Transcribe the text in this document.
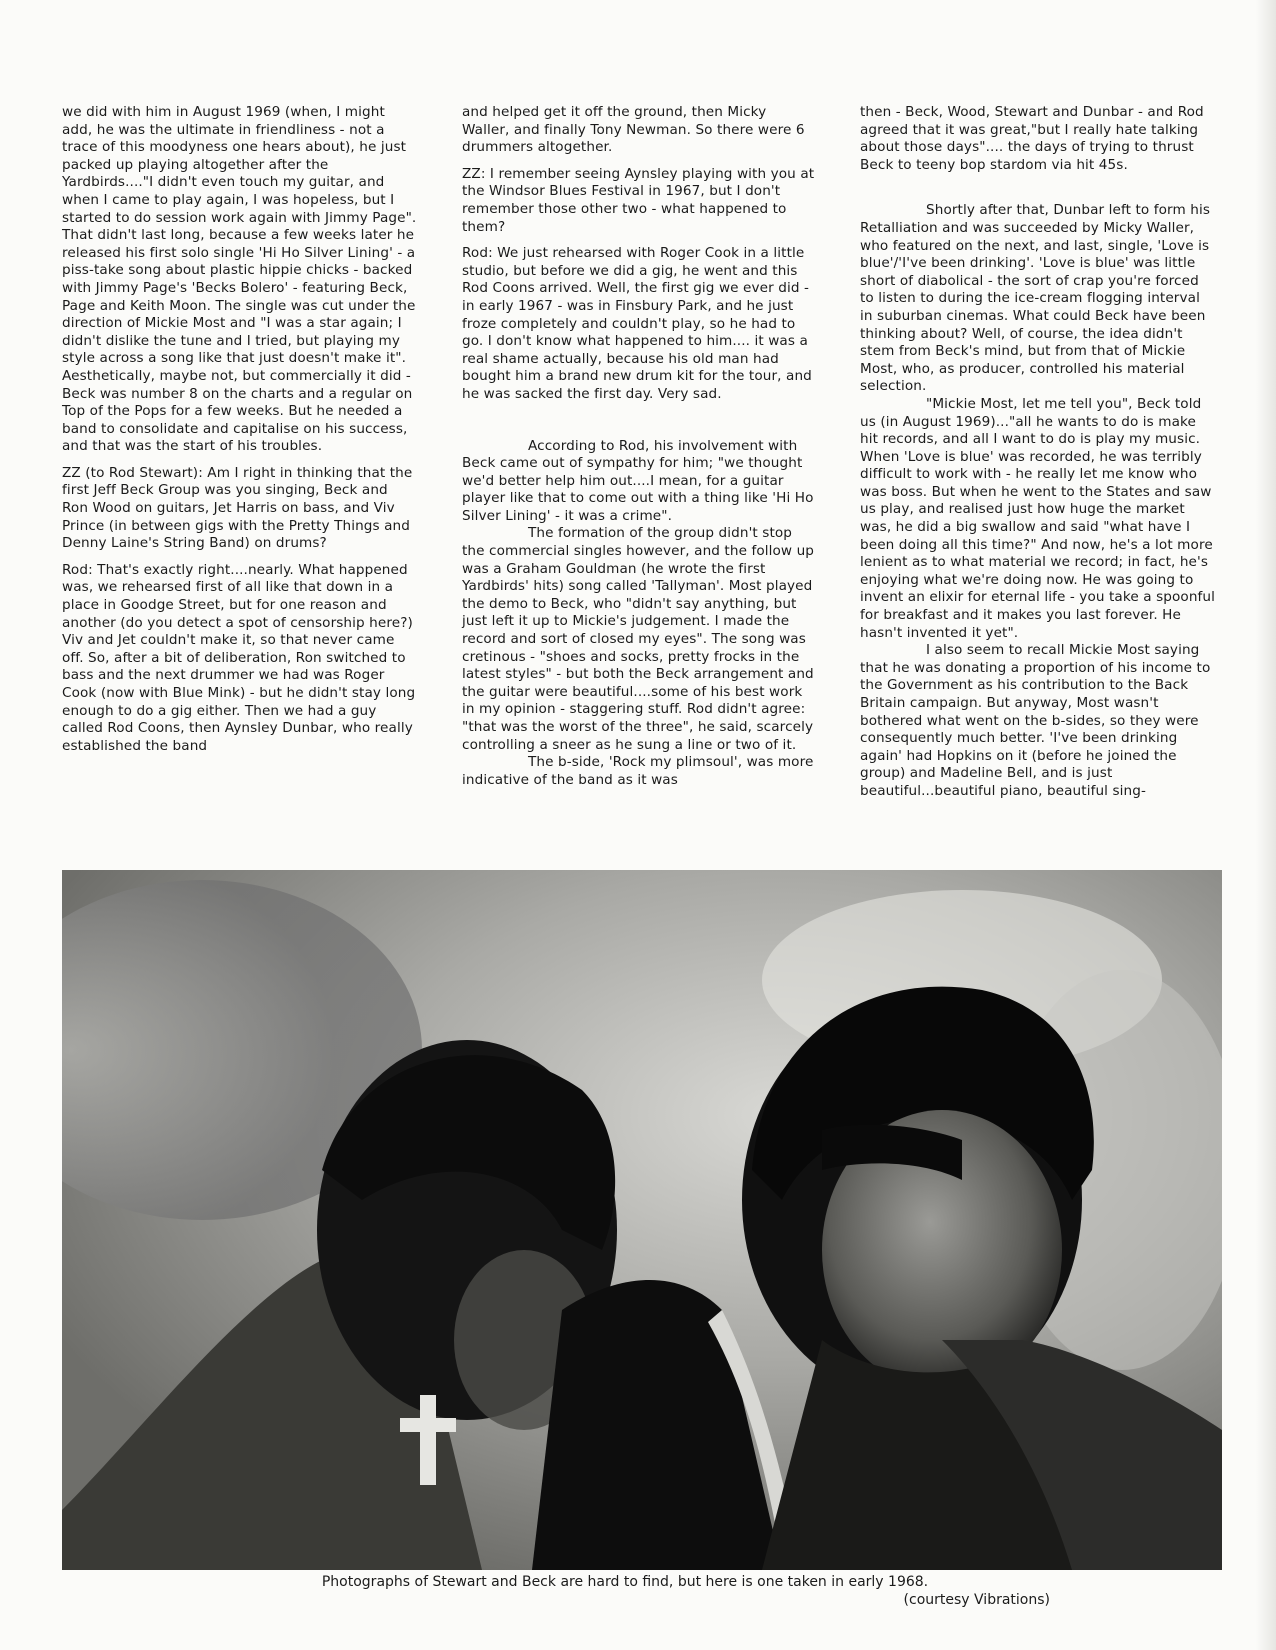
we did with him in August 1969 (when, I might add, he was the ultimate in friendliness - not a trace of this moodyness one hears about), he just packed up playing altogether after the Yardbirds...."I didn't even touch my guitar, and when I came to play again, I was hopeless, but I started to do session work again with Jimmy Page". That didn't last long, because a few weeks later he released his first solo single 'Hi Ho Silver Lining' - a piss-take song about plastic hippie chicks - backed with Jimmy Page's 'Becks Bolero' - featuring Beck, Page and Keith Moon. The single was cut under the direction of Mickie Most and "I was a star again; I didn't dislike the tune and I tried, but playing my style across a song like that just doesn't make it". Aesthetically, maybe not, but commercially it did - Beck was number 8 on the charts and a regular on Top of the Pops for a few weeks. But he needed a band to consolidate and capitalise on his success, and that was the start of his troubles.

ZZ (to Rod Stewart): Am I right in thinking that the first Jeff Beck Group was you singing, Beck and Ron Wood on guitars, Jet Harris on bass, and Viv Prince (in between gigs with the Pretty Things and Denny Laine's String Band) on drums?

Rod: That's exactly right....nearly. What happened was, we rehearsed first of all like that down in a place in Goodge Street, but for one reason and another (do you detect a spot of censorship here?) Viv and Jet couldn't make it, so that never came off. So, after a bit of deliberation, Ron switched to bass and the next drummer we had was Roger Cook (now with Blue Mink) - but he didn't stay long enough to do a gig either. Then we had a guy called Rod Coons, then Aynsley Dunbar, who really established the band

and helped get it off the ground, then Micky Waller, and finally Tony Newman. So there were 6 drummers altogether.

ZZ: I remember seeing Aynsley playing with you at the Windsor Blues Festival in 1967, but I don't remember those other two - what happened to them?

Rod: We just rehearsed with Roger Cook in a little studio, but before we did a gig, he went and this Rod Coons arrived. Well, the first gig we ever did - in early 1967 - was in Finsbury Park, and he just froze completely and couldn't play, so he had to go. I don't know what happened to him.... it was a real shame actually, because his old man had bought him a brand new drum kit for the tour, and he was sacked the first day. Very sad.

According to Rod, his involvement with Beck came out of sympathy for him; "we thought we'd better help him out....I mean, for a guitar player like that to come out with a thing like 'Hi Ho Silver Lining' - it was a crime".

The formation of the group didn't stop the commercial singles however, and the follow up was a Graham Gouldman (he wrote the first Yardbirds' hits) song called 'Tallyman'. Most played the demo to Beck, who "didn't say anything, but just left it up to Mickie's judgement. I made the record and sort of closed my eyes". The song was cretinous - "shoes and socks, pretty frocks in the latest styles" - but both the Beck arrangement and the guitar were beautiful....some of his best work in my opinion - staggering stuff. Rod didn't agree: "that was the worst of the three", he said, scarcely controlling a sneer as he sung a line or two of it.

The b-side, 'Rock my plimsoul', was more indicative of the band as it was

then - Beck, Wood, Stewart and Dunbar - and Rod agreed that it was great,"but I really hate talking about those days".... the days of trying to thrust Beck to teeny bop stardom via hit 45s.

Shortly after that, Dunbar left to form his Retalliation and was succeeded by Micky Waller, who featured on the next, and last, single, 'Love is blue'/'I've been drinking'. 'Love is blue' was little short of diabolical - the sort of crap you're forced to listen to during the ice-cream flogging interval in suburban cinemas. What could Beck have been thinking about? Well, of course, the idea didn't stem from Beck's mind, but from that of Mickie Most, who, as producer, controlled his material selection.

"Mickie Most, let me tell you", Beck told us (in August 1969)..."all he wants to do is make hit records, and all I want to do is play my music. When 'Love is blue' was recorded, he was terribly difficult to work with - he really let me know who was boss. But when he went to the States and saw us play, and realised just how huge the market was, he did a big swallow and said "what have I been doing all this time?" And now, he's a lot more lenient as to what material we record; in fact, he's enjoying what we're doing now. He was going to invent an elixir for eternal life - you take a spoonful for breakfast and it makes you last forever. He hasn't invented it yet".

I also seem to recall Mickie Most saying that he was donating a proportion of his income to the Government as his contribution to the Back Britain campaign. But anyway, Most wasn't bothered what went on the b-sides, so they were consequently much better. 'I've been drinking again' had Hopkins on it (before he joined the group) and Madeline Bell, and is just beautiful...beautiful piano, beautiful sing-

Photographs of Stewart and Beck are hard to find, but here is one taken in early 1968.
(courtesy Vibrations)
